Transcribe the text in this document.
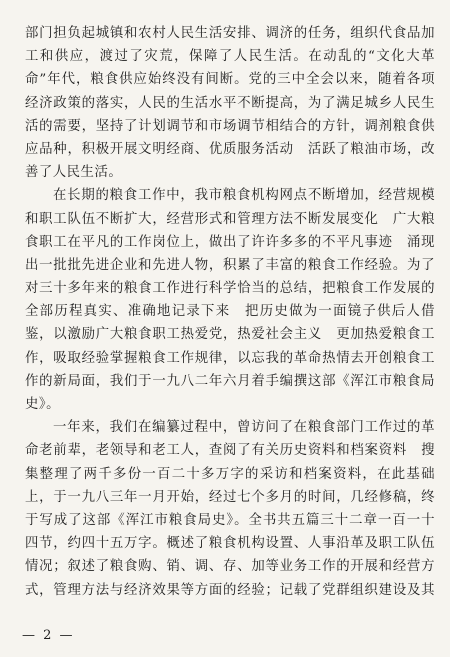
部门担负起城镇和农村人民生活安排、调济的任务，组织代食品加
工和供应，渡过了灾荒，保障了人民生活。在动乱的“文化大革
命”年代，粮食供应始终没有间断。党的三中全会以来，随着各项
经济政策的落实，人民的生活水平不断提高，为了满足城乡人民生
活的需要，坚持了计划调节和市场调节相结合的方针，调剂粮食供
应品种，积极开展文明经商、优质服务活动　活跃了粮油市场，改
善了人民生活。
在长期的粮食工作中，我市粮食机构网点不断增加，经营规模
和职工队伍不断扩大，经营形式和管理方法不断发展变化　广大粮
食职工在平凡的工作岗位上，做出了许许多多的不平凡事迹　涌现
出一批批先进企业和先进人物，积累了丰富的粮食工作经验。为了
对三十多年来的粮食工作进行科学恰当的总结，把粮食工作发展的
全部历程真实、准确地记录下来　把历史做为一面镜子供后人借
鉴，以激励广大粮食职工热爱党，热爱社会主义　更加热爱粮食工
作，吸取经验掌握粮食工作规律，以忘我的革命热情去开创粮食工
作的新局面，我们于一九八二年六月着手编撰这部《浑江市粮食局
史》。
一年来，我们在编纂过程中，曾访问了在粮食部门工作过的革
命老前辈，老领导和老工人，查阅了有关历史资料和档案资料　搜
集整理了两千多份一百二十多万字的采访和档案资料，在此基础
上，于一九八三年一月开始，经过七个多月的时间，几经修稿，终
于写成了这部《浑江市粮食局史》。全书共五篇三十二章一百一十
四节，约四十五万字。概述了粮食机构设置、人事沿革及职工队伍
情况；叙述了粮食购、销、调、存、加等业务工作的开展和经营方
式，管理方法与经济效果等方面的经验；记载了党群组织建设及其
— 2 —
